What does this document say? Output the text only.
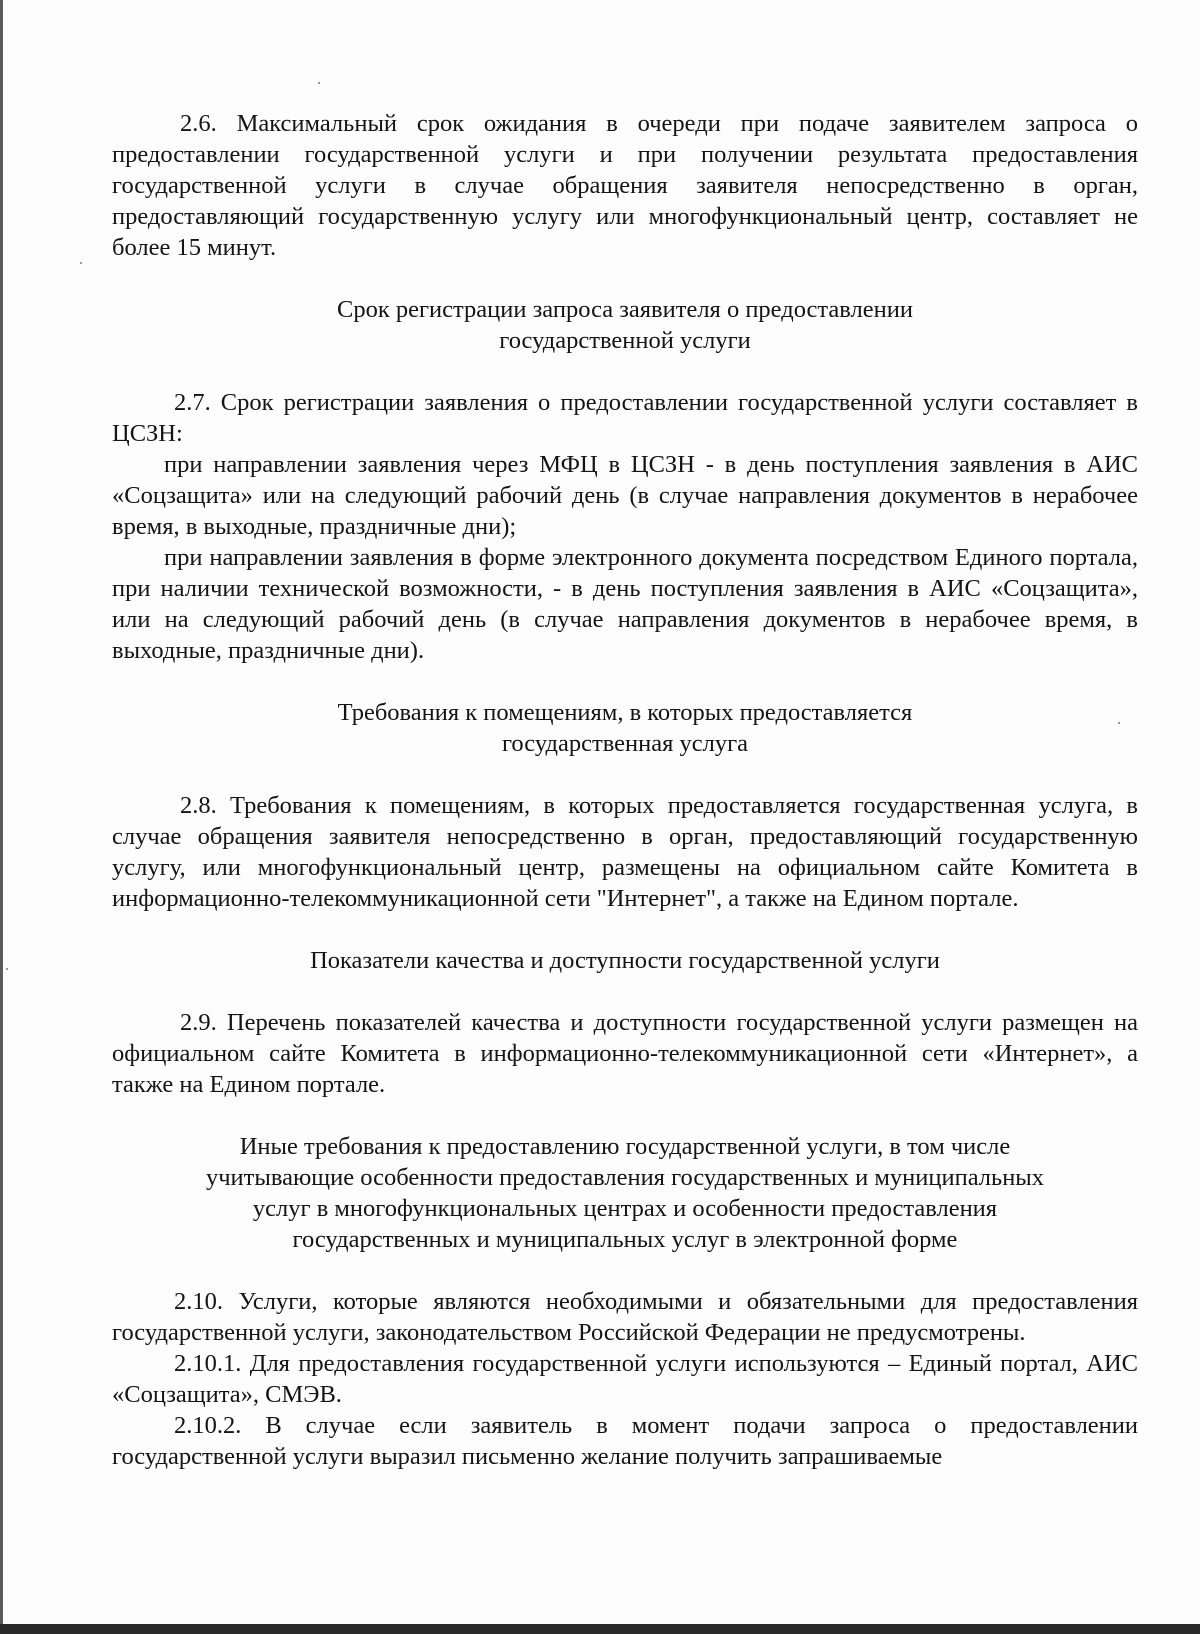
2.6. Максимальный срок ожидания в очереди при подаче заявителем запроса о предоставлении государственной услуги и при получении результата предоставления государственной услуги в случае обращения заявителя непосредственно в орган, предоставляющий государственную услугу или многофункциональный центр, составляет не более 15 минут.

Срок регистрации запроса заявителя о предоставлении
государственной услуги

2.7. Срок регистрации заявления о предоставлении государственной услуги составляет в ЦСЗН:

при направлении заявления через МФЦ в ЦСЗН - в день поступления заявления в АИС «Соцзащита» или на следующий рабочий день (в случае направления документов в нерабочее время, в выходные, праздничные дни);

при направлении заявления в форме электронного документа посредством Единого портала, при наличии технической возможности, - в день поступления заявления в АИС «Соцзащита», или на следующий рабочий день (в случае направления документов в нерабочее время, в выходные, праздничные дни).

Требования к помещениям, в которых предоставляется
государственная услуга

2.8. Требования к помещениям, в которых предоставляется государственная услуга, в случае обращения заявителя непосредственно в орган, предоставляющий государственную услугу, или многофункциональный центр, размещены на официальном сайте Комитета в информационно-телекоммуникационной сети "Интернет", а также на Едином портале.

Показатели качества и доступности государственной услуги

2.9. Перечень показателей качества и доступности государственной услуги размещен на официальном сайте Комитета в информационно-телекоммуникационной сети «Интернет», а также на Едином портале.

Иные требования к предоставлению государственной услуги, в том числе
учитывающие особенности предоставления государственных и муниципальных
услуг в многофункциональных центрах и особенности предоставления
государственных и муниципальных услуг в электронной форме

2.10. Услуги, которые являются необходимыми и обязательными для предоставления государственной услуги, законодательством Российской Федерации не предусмотрены.

2.10.1. Для предоставления государственной услуги используются – Единый портал, АИС «Соцзащита», СМЭВ.

2.10.2. В случае если заявитель в момент подачи запроса о предоставлении государственной услуги выразил письменно желание получить запрашиваемые
